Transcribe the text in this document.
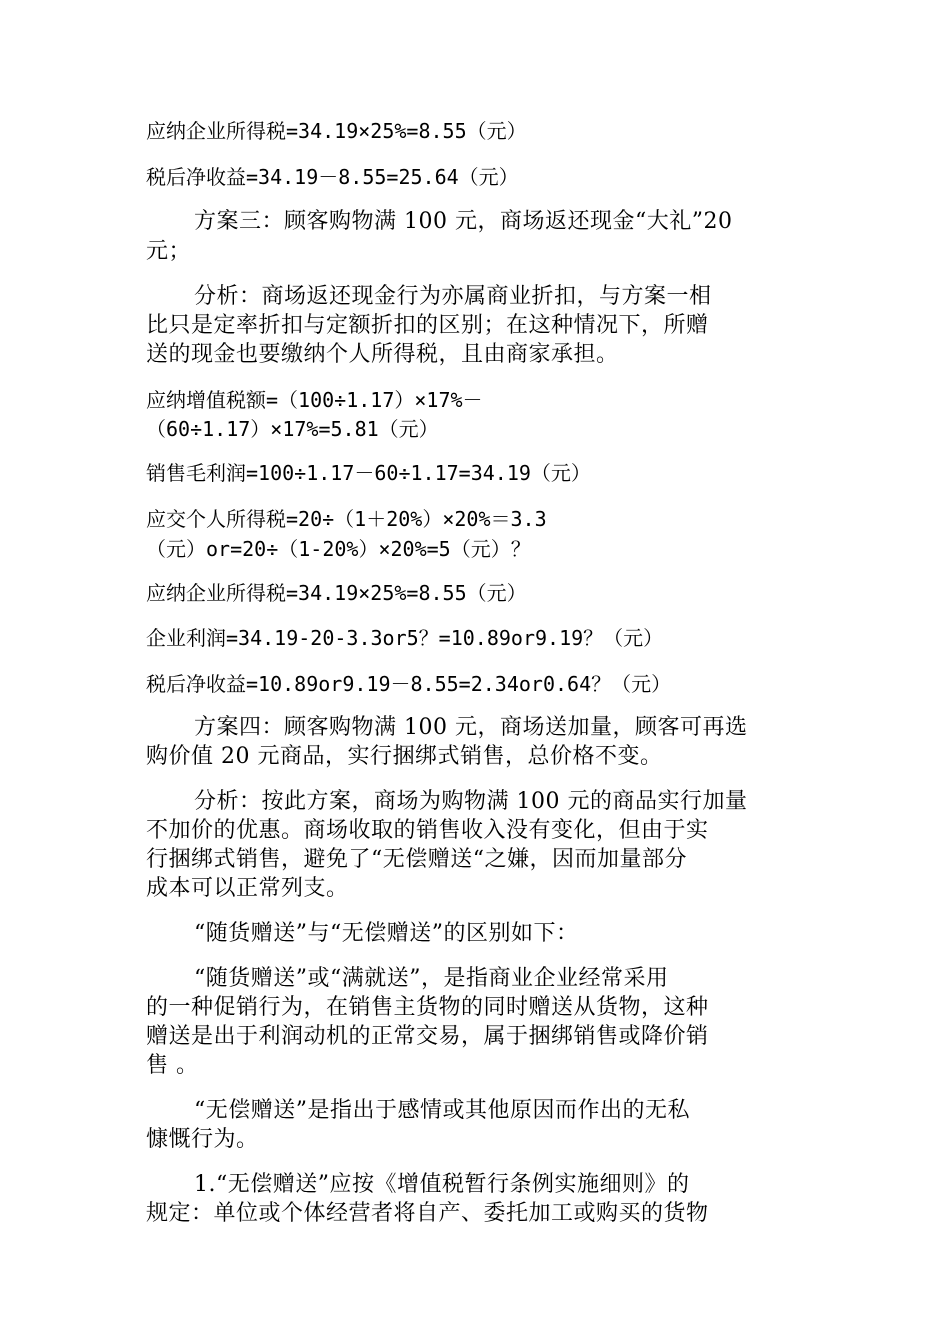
应纳企业所得税=34.19×25%=8.55（元）

税后净收益=34.19－8.55=25.64（元）

方案三：顾客购物满 100 元，商场返还现金“大礼”20

元；

分析：商场返还现金行为亦属商业折扣，与方案一相

比只是定率折扣与定额折扣的区别；在这种情况下，所赠

送的现金也要缴纳个人所得税，且由商家承担。

应纳增值税额=（100÷1.17）×17%－

（60÷1.17）×17%=5.81（元）

销售毛利润=100÷1.17－60÷1.17=34.19（元）

应交个人所得税=20÷（1＋20%）×20%＝3.3

（元）or=20÷（1-20%）×20%=5（元）？

应纳企业所得税=34.19×25%=8.55（元）

企业利润=34.19-20-3.3or5？=10.89or9.19？（元）

税后净收益=10.89or9.19－8.55=2.34or0.64？（元）

方案四：顾客购物满 100 元，商场送加量，顾客可再选

购价值 20 元商品，实行捆绑式销售，总价格不变。

分析：按此方案，商场为购物满 100 元的商品实行加量

不加价的优惠。商场收取的销售收入没有变化，但由于实

行捆绑式销售，避免了“无偿赠送“之嫌，因而加量部分

成本可以正常列支。

“随货赠送”与“无偿赠送”的区别如下：

“随货赠送”或“满就送”，是指商业企业经常采用

的一种促销行为，在销售主货物的同时赠送从货物，这种

赠送是出于利润动机的正常交易，属于捆绑销售或降价销

售 。

“无偿赠送”是指出于感情或其他原因而作出的无私

慷慨行为。

1.“无偿赠送”应按《增值税暂行条例实施细则》的

规定：单位或个体经营者将自产、委托加工或购买的货物
